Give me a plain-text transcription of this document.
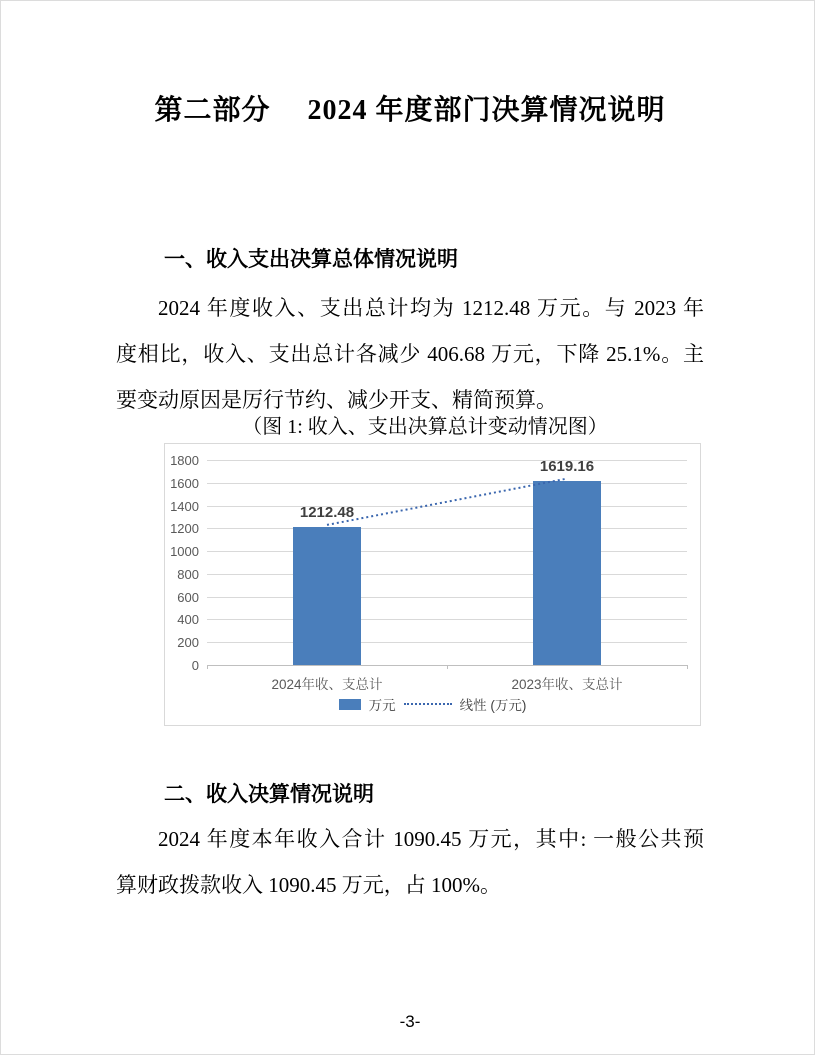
第二部分　 2024 年度部门决算情况说明
一、收入支出决算总体情况说明
2024 年度收入、支出总计均为 1212.48 万元。与 2023 年
度相比，收入、支出总计各减少 406.68 万元，下降 25.1%。主
要变动原因是厉行节约、减少开支、精简预算。
（图 1: 收入、支出决算总计变动情况图）
0
200
400
600
800
1000
1200
1400
1600
1800
1212.48
2024年收、支总计
1619.16
2023年收、支总计
万元	线性 (万元)
二、收入决算情况说明
2024 年度本年收入合计 1090.45 万元，其中: 一般公共预
算财政拨款收入 1090.45 万元，占 100%。
-3-
